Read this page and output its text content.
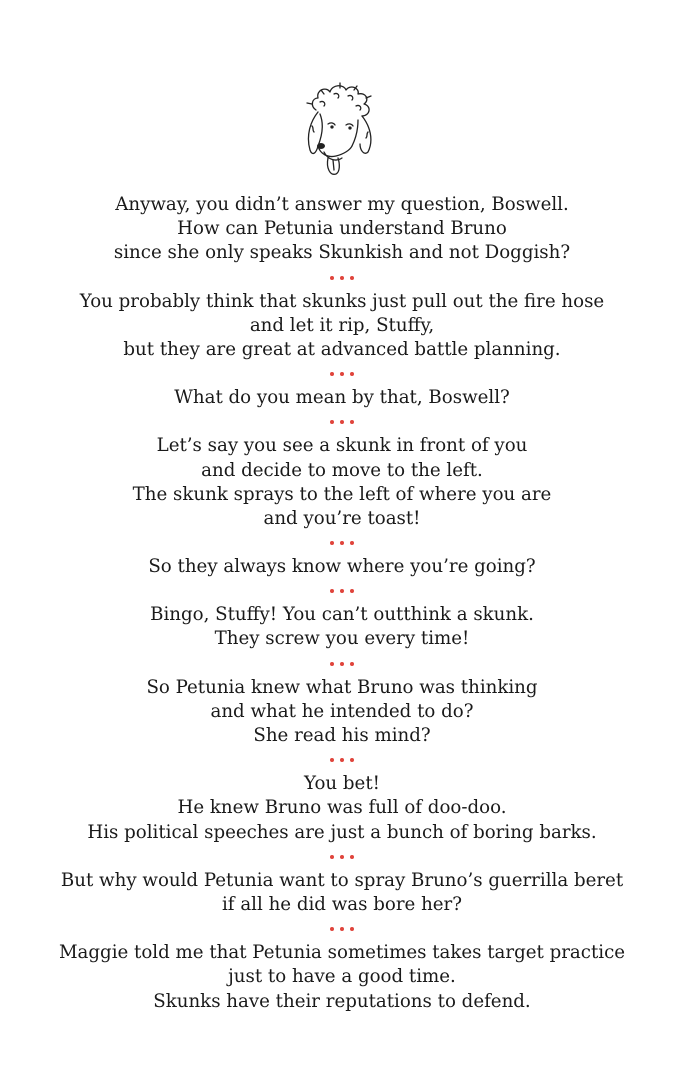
Anyway, you didn’t answer my question, Boswell.
How can Petunia understand Bruno
since she only speaks Skunkish and not Doggish?
You probably think that skunks just pull out the fire hose
and let it rip, Stuffy,
but they are great at advanced battle planning.
What do you mean by that, Boswell?
Let’s say you see a skunk in front of you
and decide to move to the left.
The skunk sprays to the left of where you are
and you’re toast!
So they always know where you’re going?
Bingo, Stuffy! You can’t outthink a skunk.
They screw you every time!
So Petunia knew what Bruno was thinking
and what he intended to do?
She read his mind?
You bet!
He knew Bruno was full of doo-doo.
His political speeches are just a bunch of boring barks.
But why would Petunia want to spray Bruno’s guerrilla beret
if all he did was bore her?
Maggie told me that Petunia sometimes takes target practice
just to have a good time.
Skunks have their reputations to defend.
